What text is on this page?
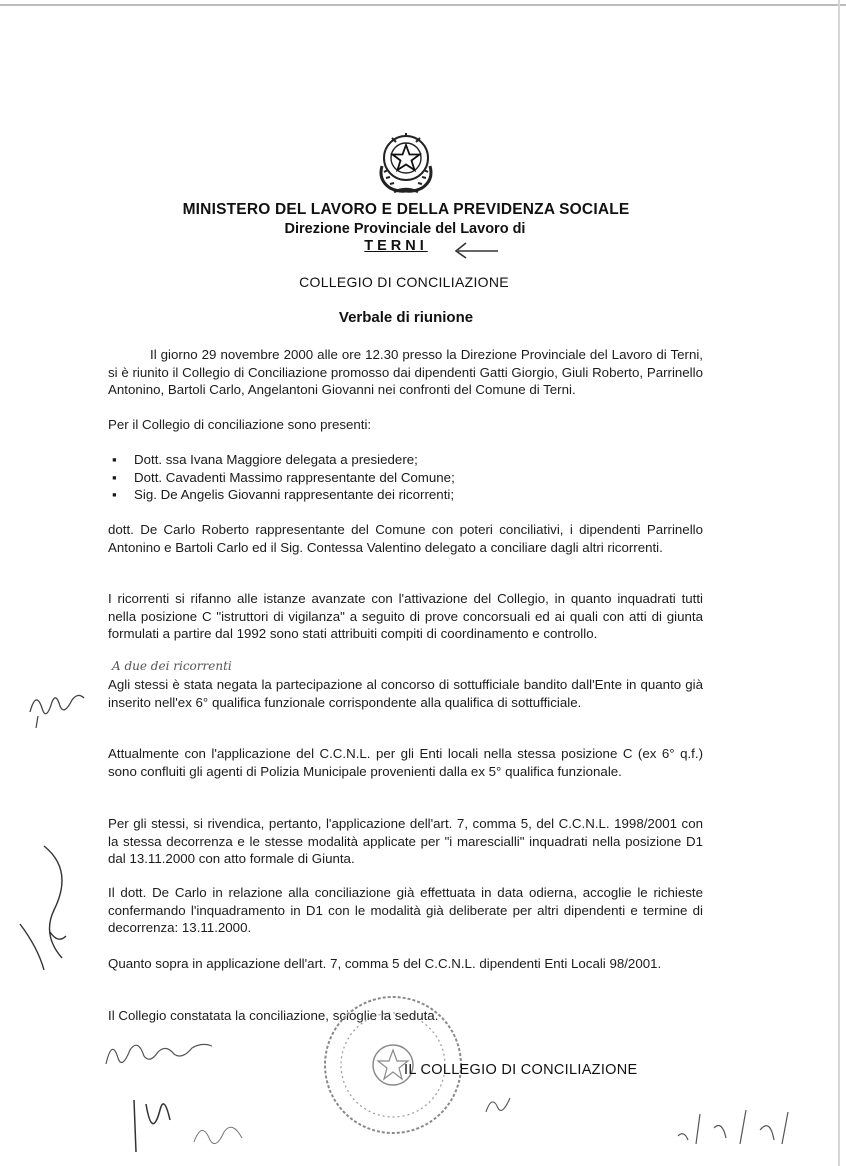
MINISTERO DEL LAVORO E DELLA PREVIDENZA SOCIALE
Direzione Provinciale del Lavoro di
TERNI
COLLEGIO DI CONCILIAZIONE
Verbale di riunione
Il giorno 29 novembre 2000 alle ore 12.30 presso la Direzione Provinciale del Lavoro di Terni, si è riunito il Collegio di Conciliazione promosso dai dipendenti Gatti Giorgio, Giuli Roberto, Parrinello Antonino, Bartoli Carlo, Angelantoni Giovanni nei confronti del Comune di Terni.
Per il Collegio di conciliazione sono presenti:
▪ Dott. ssa Ivana Maggiore delegata a presiedere;
▪ Dott. Cavadenti Massimo rappresentante del Comune;
▪ Sig. De Angelis Giovanni rappresentante dei ricorrenti;
dott. De Carlo Roberto rappresentante del Comune con poteri conciliativi, i dipendenti Parrinello Antonino e Bartoli Carlo ed il Sig. Contessa Valentino delegato a conciliare dagli altri ricorrenti.
I ricorrenti si rifanno alle istanze avanzate con l'attivazione del Collegio, in quanto inquadrati tutti nella posizione C "istruttori di vigilanza" a seguito di prove concorsuali ed ai quali con atti di giunta formulati a partire dal 1992 sono stati attribuiti compiti di coordinamento e controllo.
A due dei ricorrenti
Agli stessi è stata negata la partecipazione al concorso di sottufficiale bandito dall'Ente in quanto già inserito nell'ex 6° qualifica funzionale corrispondente alla qualifica di sottufficiale.
Attualmente con l'applicazione del C.C.N.L. per gli Enti locali nella stessa posizione C (ex 6° q.f.) sono confluiti gli agenti di Polizia Municipale provenienti dalla ex 5° qualifica funzionale.
Per gli stessi, si rivendica, pertanto, l'applicazione dell'art. 7, comma 5, del C.C.N.L. 1998/2001 con la stessa decorrenza e le stesse modalità applicate per "i marescialli" inquadrati nella posizione D1 dal 13.11.2000 con atto formale di Giunta.
Il dott. De Carlo in relazione alla conciliazione già effettuata in data odierna, accoglie le richieste confermando l'inquadramento in D1 con le modalità già deliberate per altri dipendenti e termine di decorrenza: 13.11.2000.
Quanto sopra in applicazione dell'art. 7, comma 5 del C.C.N.L. dipendenti Enti Locali 98/2001.
Il Collegio constatata la conciliazione, scioglie la seduta.
IL COLLEGIO DI CONCILIAZIONE
